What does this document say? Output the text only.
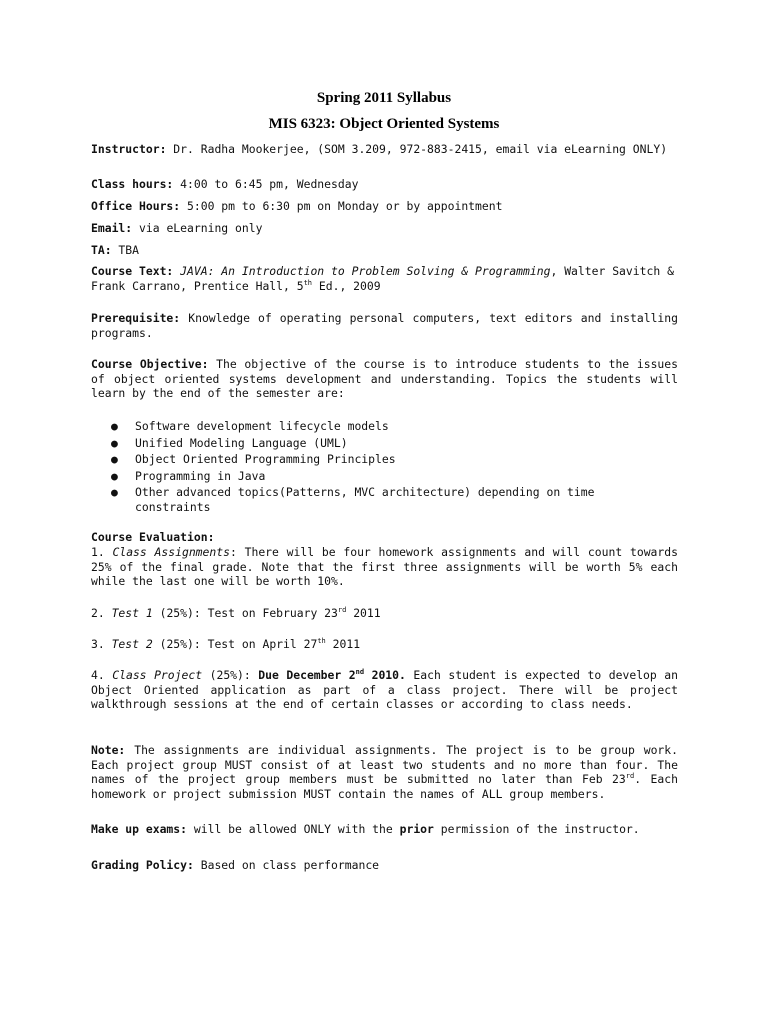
Spring 2011 Syllabus
MIS 6323: Object Oriented Systems
Instructor: Dr. Radha Mookerjee, (SOM 3.209, 972-883-2415, email via eLearning ONLY)
Class hours: 4:00 to 6:45 pm, Wednesday
Office Hours: 5:00 pm to 6:30 pm on Monday or by appointment
Email: via eLearning only
TA: TBA
Course Text: JAVA: An Introduction to Problem Solving & Programming, Walter Savitch & Frank Carrano, Prentice Hall, 5th Ed., 2009
Prerequisite: Knowledge of operating personal computers, text editors and installing programs.
Course Objective: The objective of the course is to introduce students to the issues of object oriented systems development and understanding. Topics the students will learn by the end of the semester are:
● Software development lifecycle models
● Unified Modeling Language (UML)
● Object Oriented Programming Principles
● Programming in Java
● Other advanced topics(Patterns, MVC architecture) depending on time constraints
Course Evaluation:
1. Class Assignments: There will be four homework assignments and will count towards 25% of the final grade. Note that the first three assignments will be worth 5% each while the last one will be worth 10%.
2. Test 1 (25%): Test on February 23rd 2011
3. Test 2 (25%): Test on April 27th 2011
4. Class Project (25%): Due December 2nd 2010. Each student is expected to develop an Object Oriented application as part of a class project. There will be project walkthrough sessions at the end of certain classes or according to class needs.
Note: The assignments are individual assignments. The project is to be group work. Each project group MUST consist of at least two students and no more than four. The names of the project group members must be submitted no later than Feb 23rd. Each homework or project submission MUST contain the names of ALL group members.
Make up exams: will be allowed ONLY with the prior permission of the instructor.
Grading Policy: Based on class performance
